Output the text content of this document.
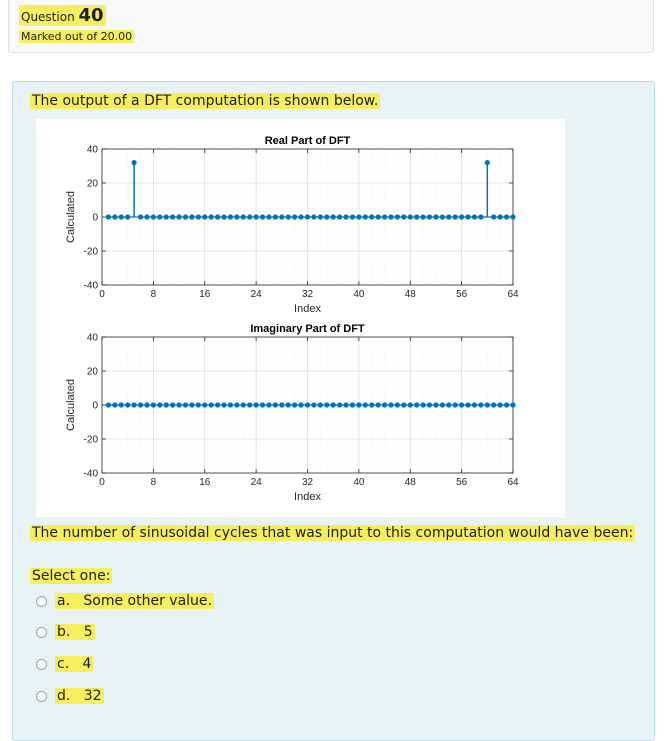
Question 40
Marked out of 20.00
The output of a DFT computation is shown below.
0	8	16	24	32	40	48	56	64
40
20
0
-20
-40
Real Part of DFT
Index
Calculated
0	8	16	24	32	40	48	56	64
40
20
0
-20
-40
Imaginary Part of DFT
Index
Calculated
The number of sinusoidal cycles that was input to this computation would have been:
Select one:
a. Some other value.
b. 5
c. 4
d. 32
